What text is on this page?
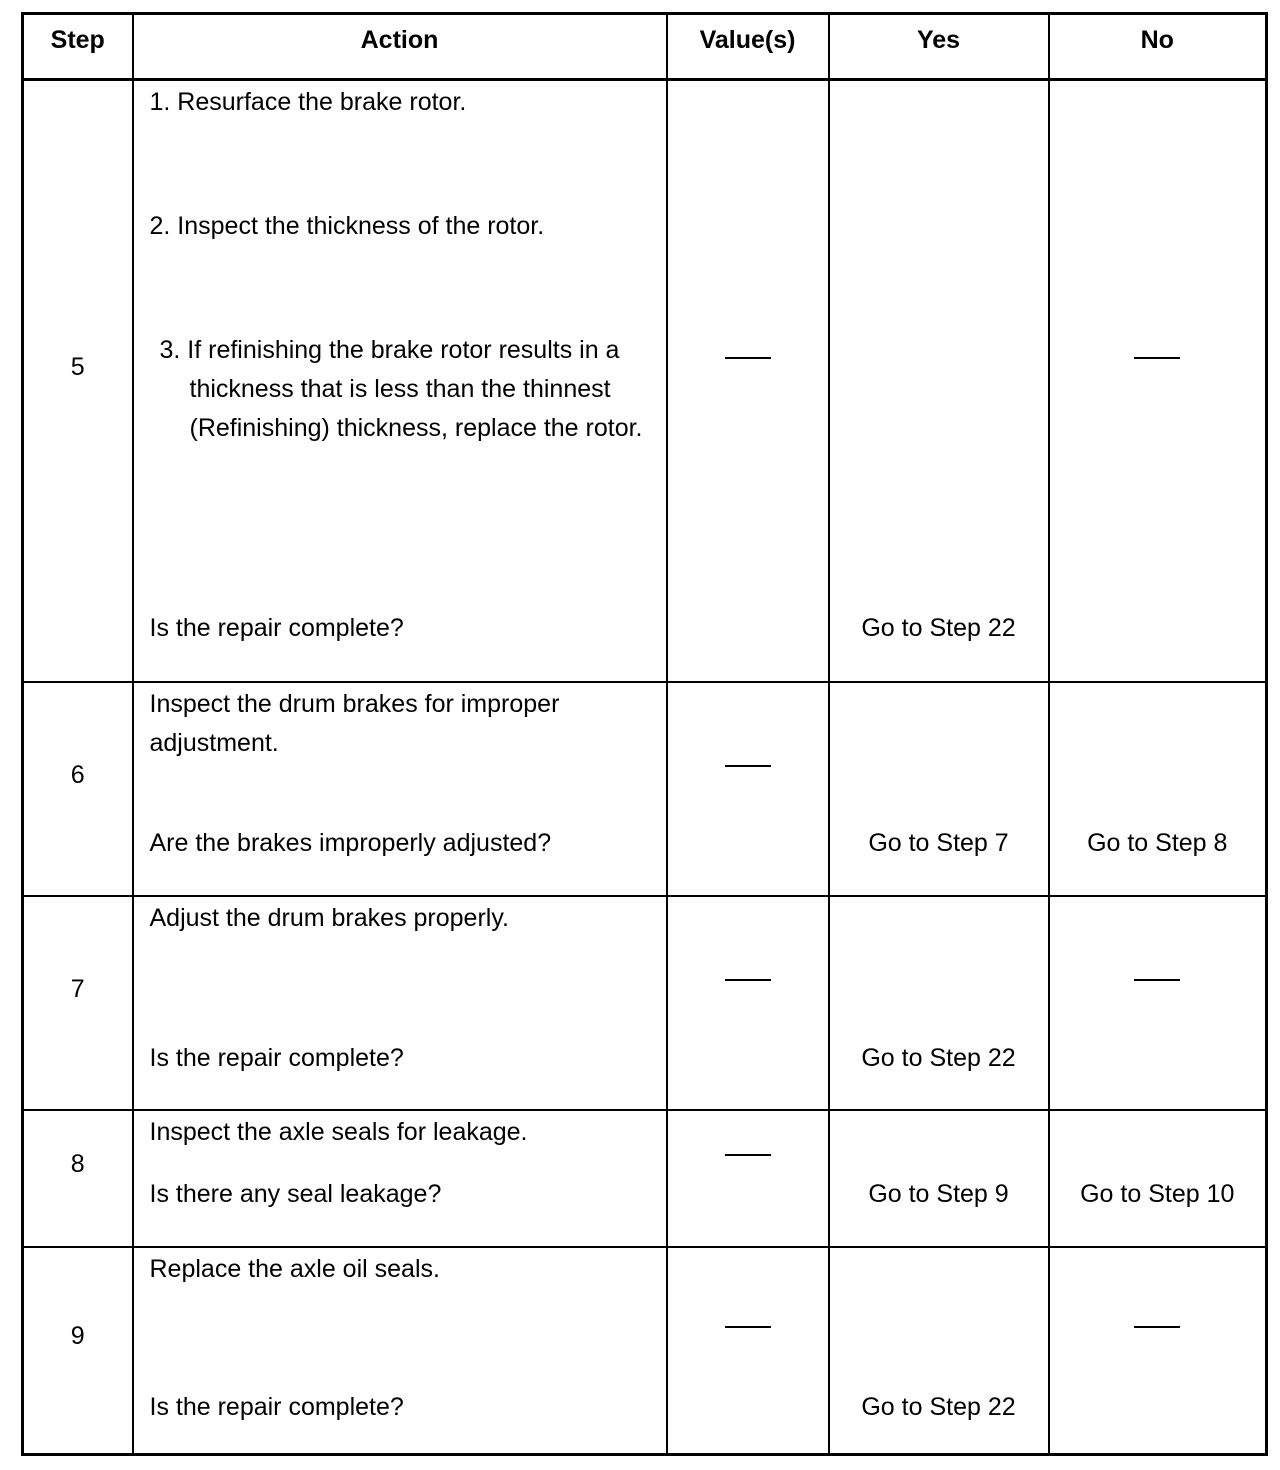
Step	Action	Value(s)	Yes	No

5	1. Resurface the brake rotor.
2. Inspect the thickness of the rotor.
3. If refinishing the brake rotor results in a thickness that is less than the thinnest (Refinishing) thickness, replace the rotor.
Is the repair complete?		Go to Step 22

6	Inspect the drum brakes for improper adjustment.
Are the brakes improperly adjusted?		Go to Step 7	Go to Step 8

7	Adjust the drum brakes properly.
Is the repair complete?		Go to Step 22

8	Inspect the axle seals for leakage.
Is there any seal leakage?		Go to Step 9	Go to Step 10

9	Replace the axle oil seals.
Is the repair complete?		Go to Step 22
